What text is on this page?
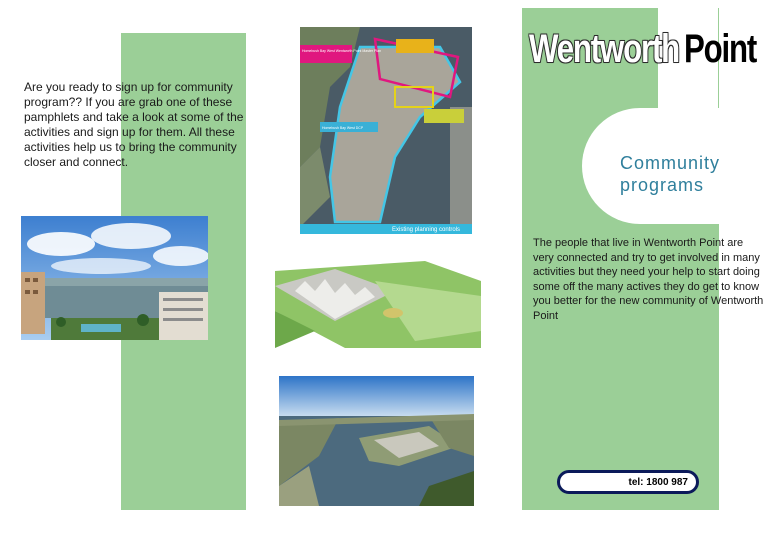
Are you ready to sign up for community program?? If you are grab one of these pamphlets and take a look at some of the activities and sign up for them. All these activities help us to bring the community closer and connect.
Existing planning controls
Homebush Bay West Wentworth Point Master Plan
Homebush Bay West DCP
Wentworth Point
Community
programs
The people that live in Wentworth Point are very connected and try to get involved in many activities but they need your help to start doing some off the many actives they do get to know you better for the new community of Wentworth Point
tel: 1800 987
